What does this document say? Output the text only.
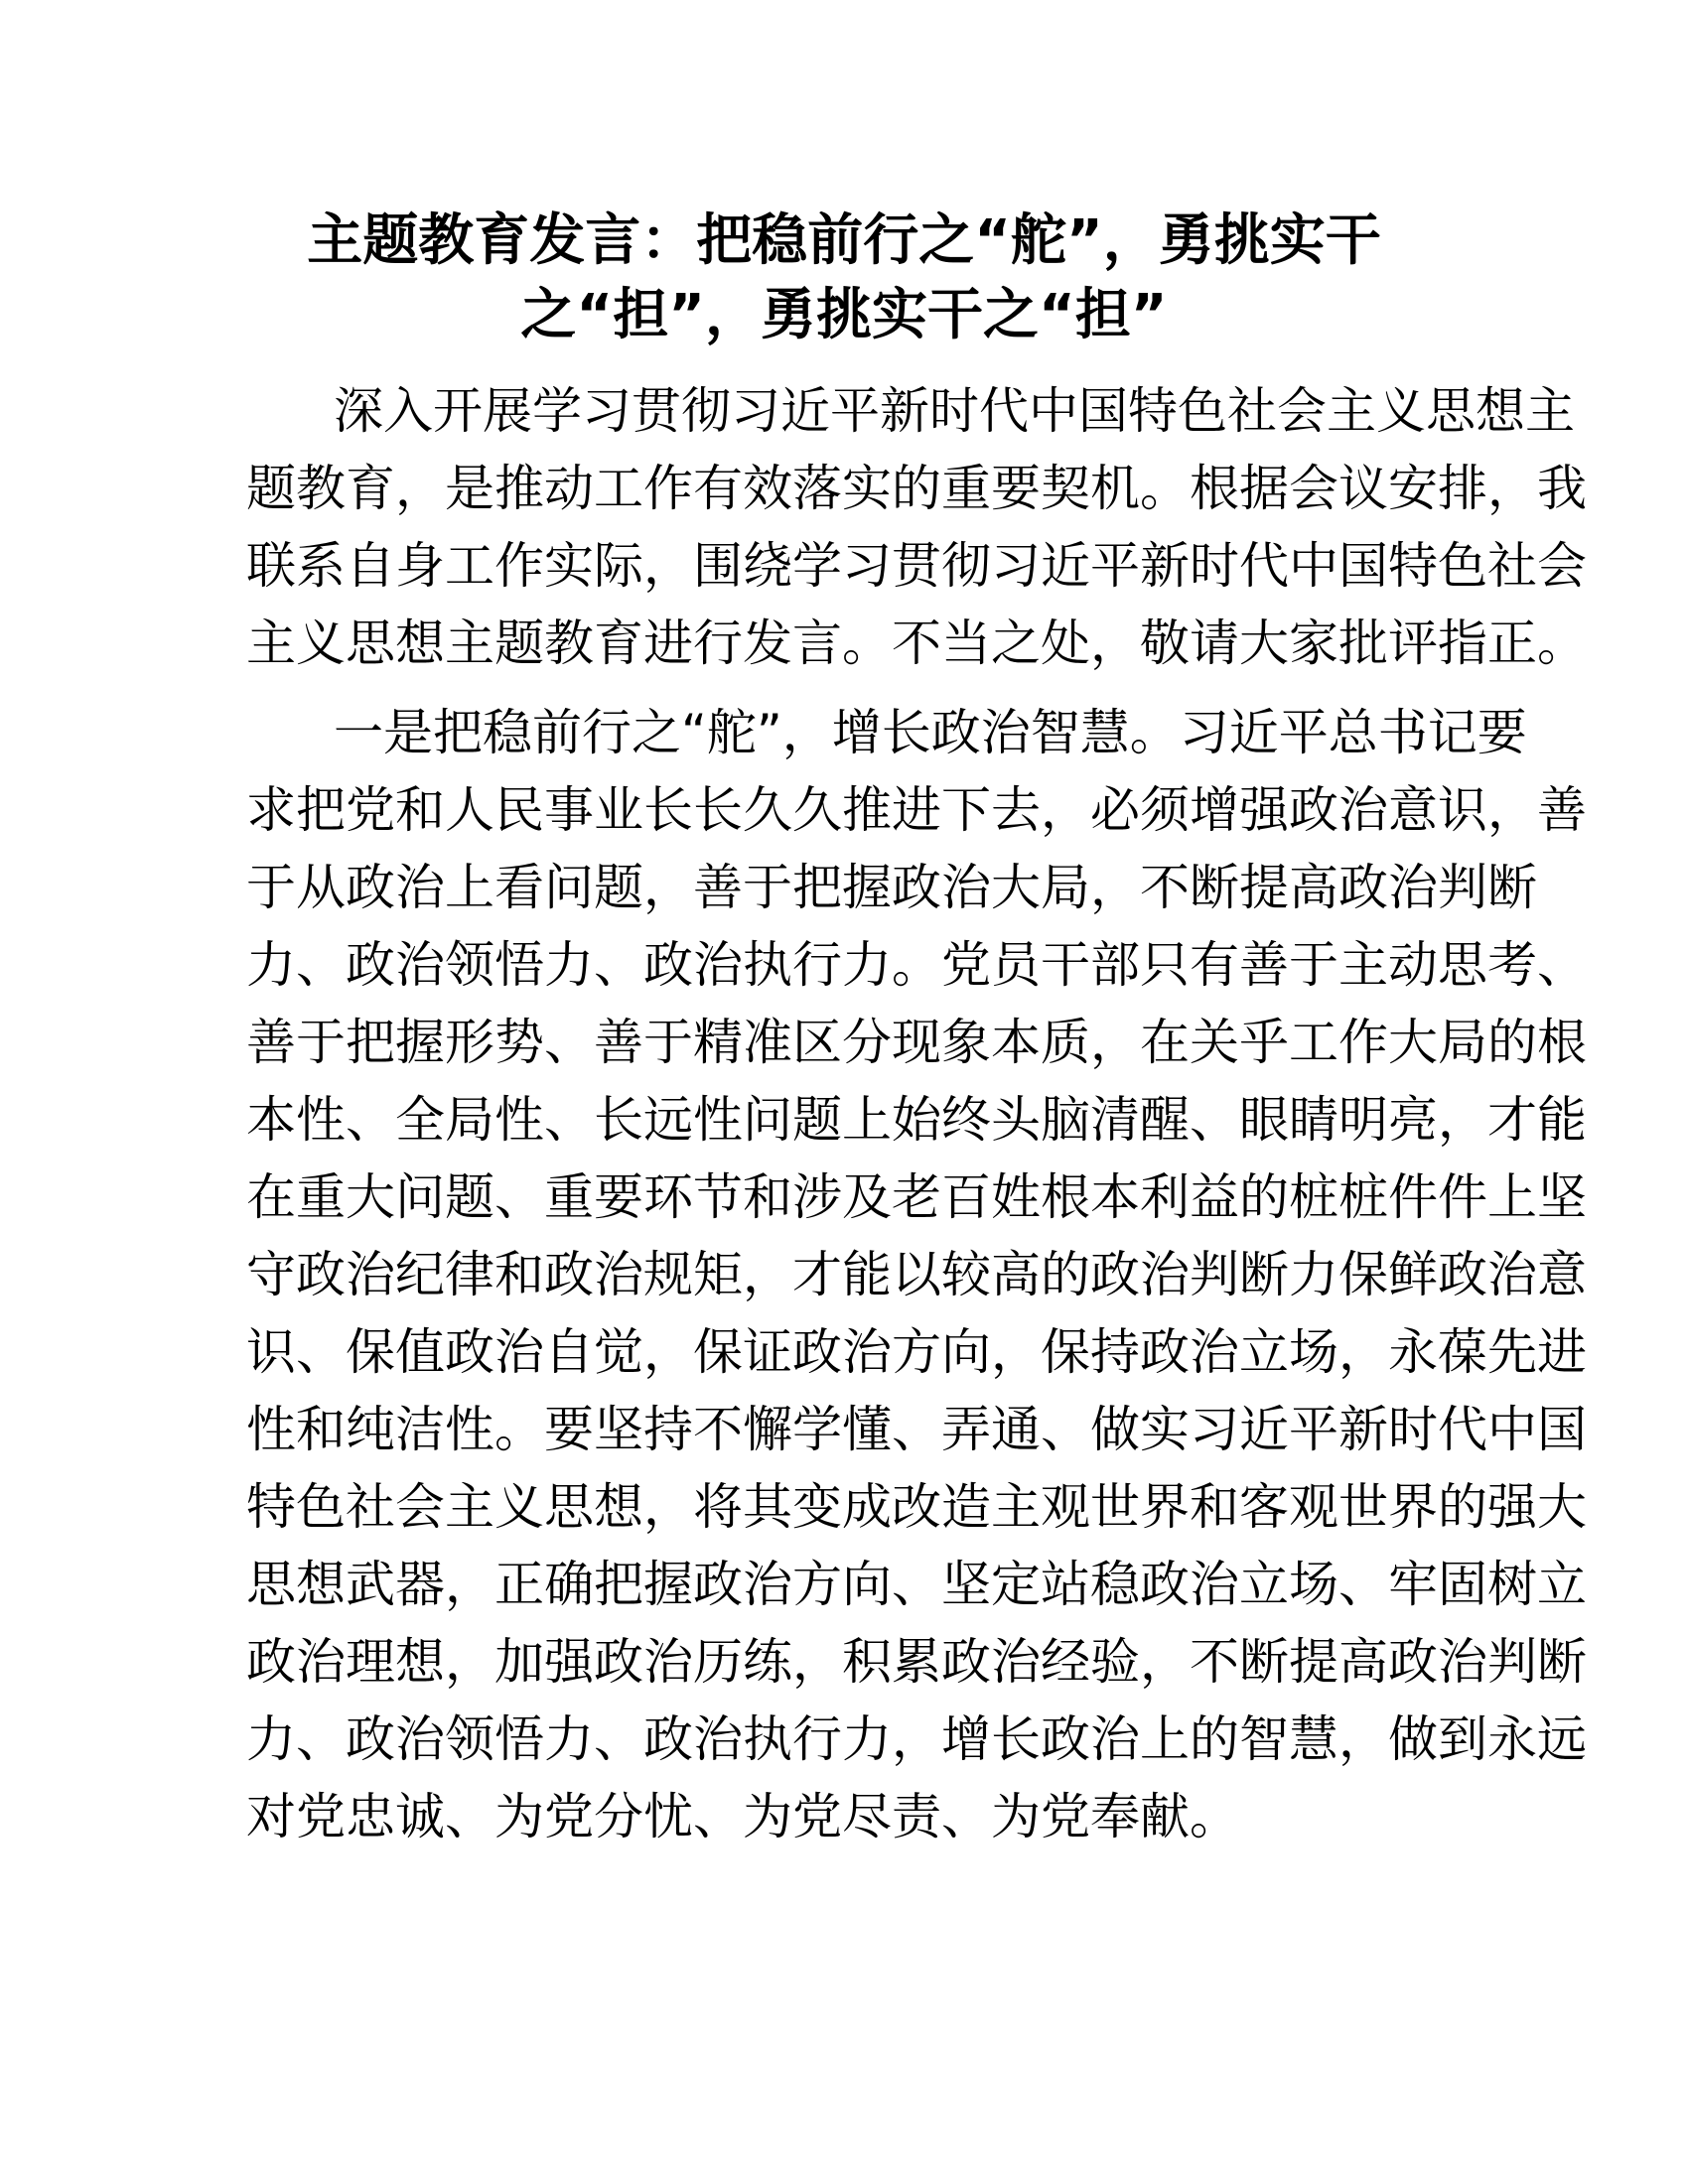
主题教育发言：把稳前行之“舵”，勇挑实干
之“担”，勇挑实干之“担”
深入开展学习贯彻习近平新时代中国特色社会主义思想主
题教育，是推动工作有效落实的重要契机。根据会议安排，我
联系自身工作实际，围绕学习贯彻习近平新时代中国特色社会
主义思想主题教育进行发言。不当之处，敬请大家批评指正。
一是把稳前行之“舵”，增长政治智慧。习近平总书记要
求把党和人民事业长长久久推进下去，必须增强政治意识，善
于从政治上看问题，善于把握政治大局，不断提高政治判断
力、政治领悟力、政治执行力。党员干部只有善于主动思考、
善于把握形势、善于精准区分现象本质，在关乎工作大局的根
本性、全局性、长远性问题上始终头脑清醒、眼睛明亮，才能
在重大问题、重要环节和涉及老百姓根本利益的桩桩件件上坚
守政治纪律和政治规矩，才能以较高的政治判断力保鲜政治意
识、保值政治自觉，保证政治方向，保持政治立场，永葆先进
性和纯洁性。要坚持不懈学懂、弄通、做实习近平新时代中国
特色社会主义思想，将其变成改造主观世界和客观世界的强大
思想武器，正确把握政治方向、坚定站稳政治立场、牢固树立
政治理想，加强政治历练，积累政治经验，不断提高政治判断
力、政治领悟力、政治执行力，增长政治上的智慧，做到永远
对党忠诚、为党分忧、为党尽责、为党奉献。
